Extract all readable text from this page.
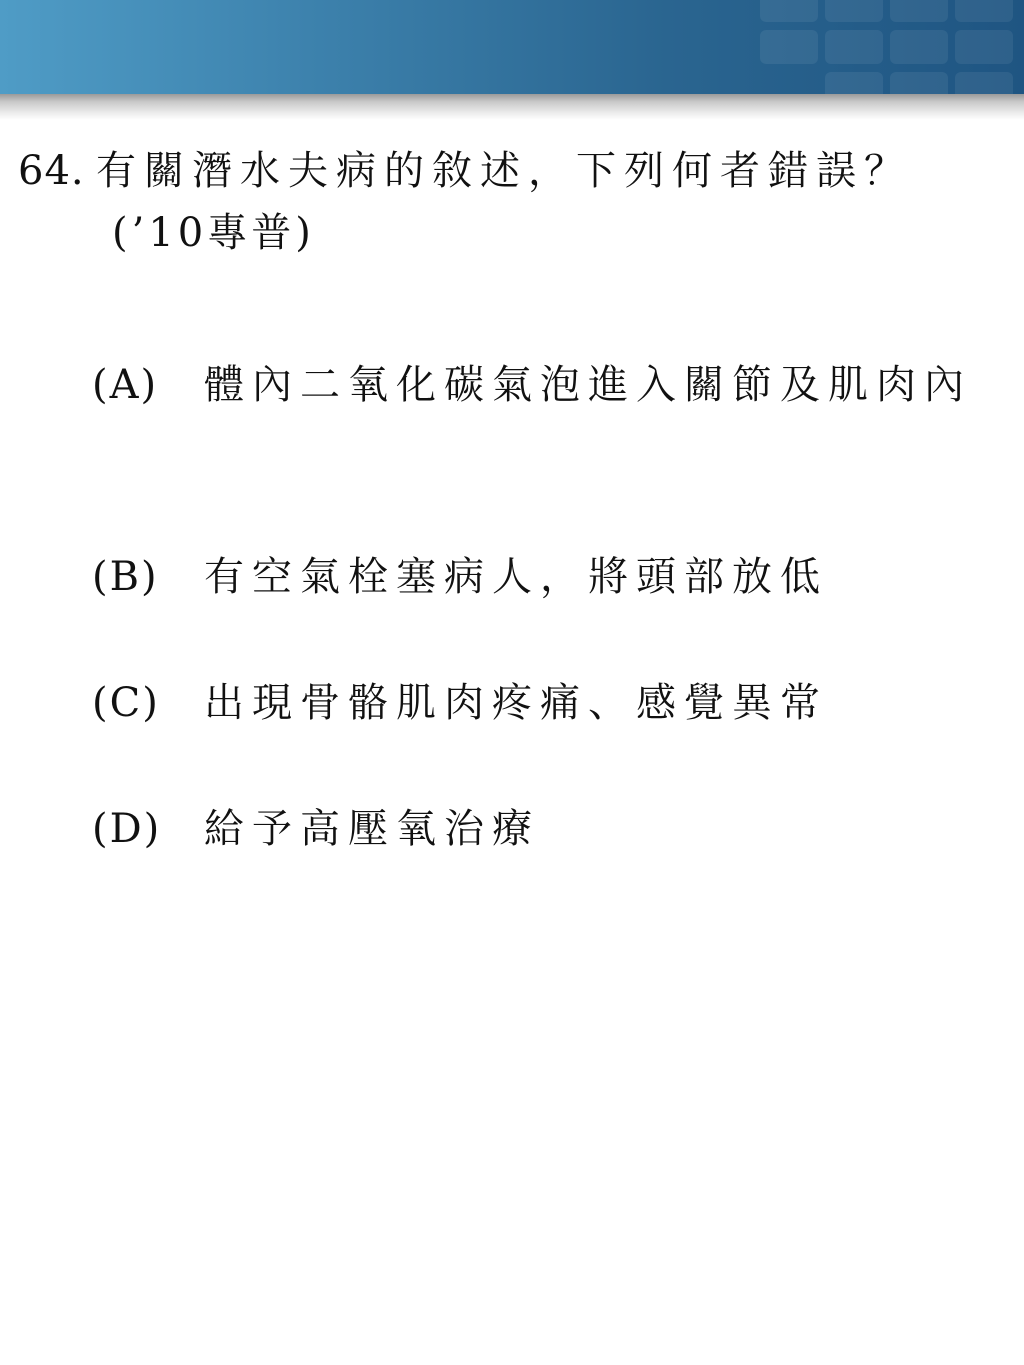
64. 有關潛水夫病的敘述，下列何者錯誤？
(’10專普)
(A) 體內二氧化碳氣泡進入關節及肌肉內
(B) 有空氣栓塞病人，將頭部放低
(C) 出現骨骼肌肉疼痛、感覺異常
(D) 給予高壓氧治療
